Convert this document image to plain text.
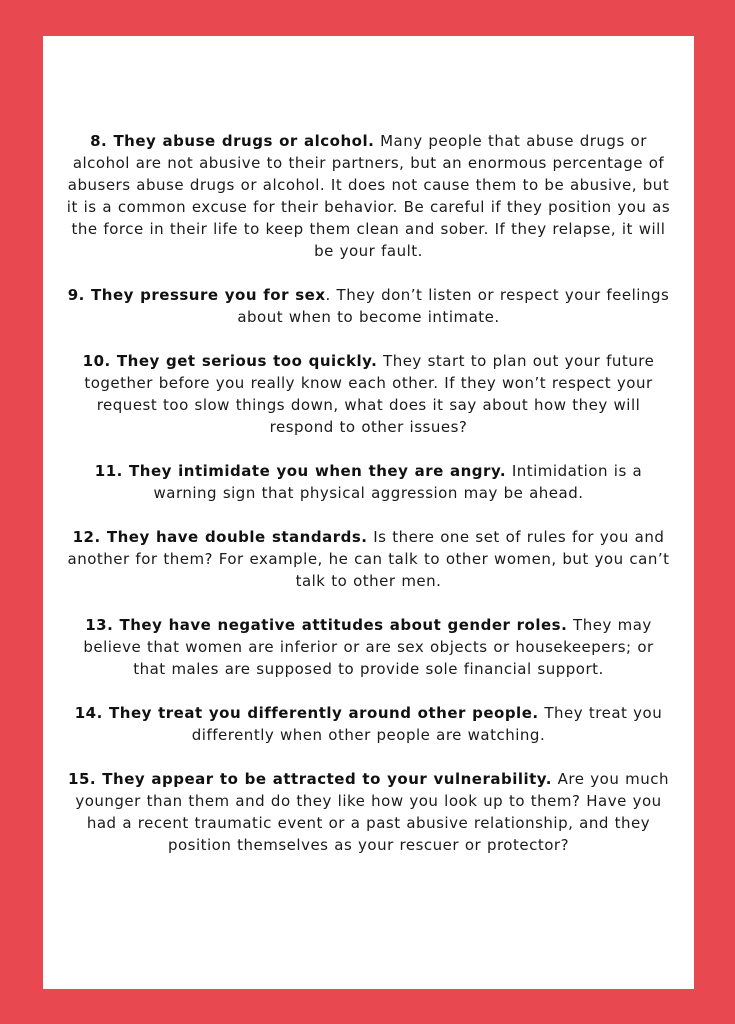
8. They abuse drugs or alcohol. Many people that abuse drugs or alcohol are not abusive to their partners, but an enormous percentage of abusers abuse drugs or alcohol. It does not cause them to be abusive, but it is a common excuse for their behavior. Be careful if they position you as the force in their life to keep them clean and sober. If they relapse, it will be your fault.

9. They pressure you for sex. They don’t listen or respect your feelings about when to become intimate.

10. They get serious too quickly. They start to plan out your future together before you really know each other. If they won’t respect your request too slow things down, what does it say about how they will respond to other issues?

11. They intimidate you when they are angry. Intimidation is a warning sign that physical aggression may be ahead.

12. They have double standards. Is there one set of rules for you and another for them? For example, he can talk to other women, but you can’t talk to other men.

13. They have negative attitudes about gender roles. They may believe that women are inferior or are sex objects or housekeepers; or that males are supposed to provide sole financial support.

14. They treat you differently around other people. They treat you differently when other people are watching.

15. They appear to be attracted to your vulnerability. Are you much younger than them and do they like how you look up to them? Have you had a recent traumatic event or a past abusive relationship, and they position themselves as your rescuer or protector?
